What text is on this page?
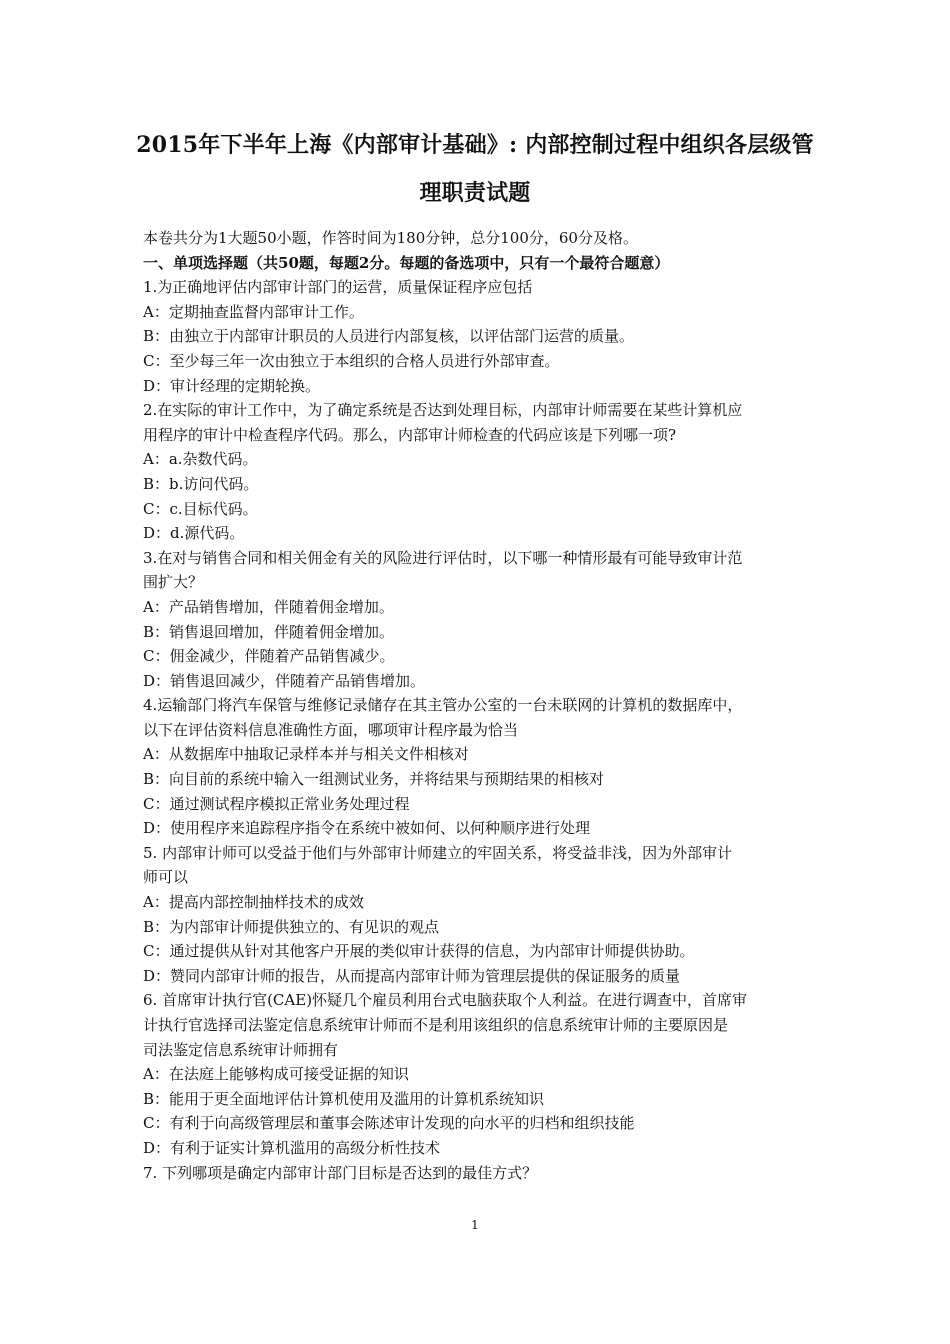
2015年下半年上海《内部审计基础》: 内部控制过程中组织各层级管
理职责试题
本卷共分为1大题50小题，作答时间为180分钟，总分100分，60分及格。
一、单项选择题（共50题，每题2分。每题的备选项中，只有一个最符合题意）
1.为正确地评估内部审计部门的运营，质量保证程序应包括
A：定期抽查监督内部审计工作。
B：由独立于内部审计职员的人员进行内部复核，以评估部门运营的质量。
C：至少每三年一次由独立于本组织的合格人员进行外部审查。
D：审计经理的定期轮换。
2.在实际的审计工作中，为了确定系统是否达到处理目标，内部审计师需要在某些计算机应
用程序的审计中检查程序代码。那么，内部审计师检查的代码应该是下列哪一项?
A：a.杂数代码。
B：b.访问代码。
C：c.目标代码。
D：d.源代码。
3.在对与销售合同和相关佣金有关的风险进行评估时，以下哪一种情形最有可能导致审计范
围扩大？
A：产品销售增加，伴随着佣金增加。
B：销售退回增加，伴随着佣金增加。
C：佣金减少，伴随着产品销售减少。
D：销售退回减少，伴随着产品销售增加。
4.运输部门将汽车保管与维修记录储存在其主管办公室的一台未联网的计算机的数据库中，
以下在评估资料信息准确性方面，哪项审计程序最为恰当
A：从数据库中抽取记录样本并与相关文件相核对
B：向目前的系统中输入一组测试业务，并将结果与预期结果的相核对
C：通过测试程序模拟正常业务处理过程
D：使用程序来追踪程序指令在系统中被如何、以何种顺序进行处理
5. 内部审计师可以受益于他们与外部审计师建立的牢固关系，将受益非浅，因为外部审计
师可以
A：提高内部控制抽样技术的成效
B：为内部审计师提供独立的、有见识的观点
C：通过提供从针对其他客户开展的类似审计获得的信息，为内部审计师提供协助。
D：赞同内部审计师的报告，从而提高内部审计师为管理层提供的保证服务的质量
6. 首席审计执行官(CAE)怀疑几个雇员利用台式电脑获取个人利益。在进行调查中，首席审
计执行官选择司法鉴定信息系统审计师而不是利用该组织的信息系统审计师的主要原因是
司法鉴定信息系统审计师拥有
A：在法庭上能够构成可接受证据的知识
B：能用于更全面地评估计算机使用及滥用的计算机系统知识
C：有利于向高级管理层和董事会陈述审计发现的向水平的归档和组织技能
D：有利于证实计算机滥用的高级分析性技术
7. 下列哪项是确定内部审计部门目标是否达到的最佳方式？
1
